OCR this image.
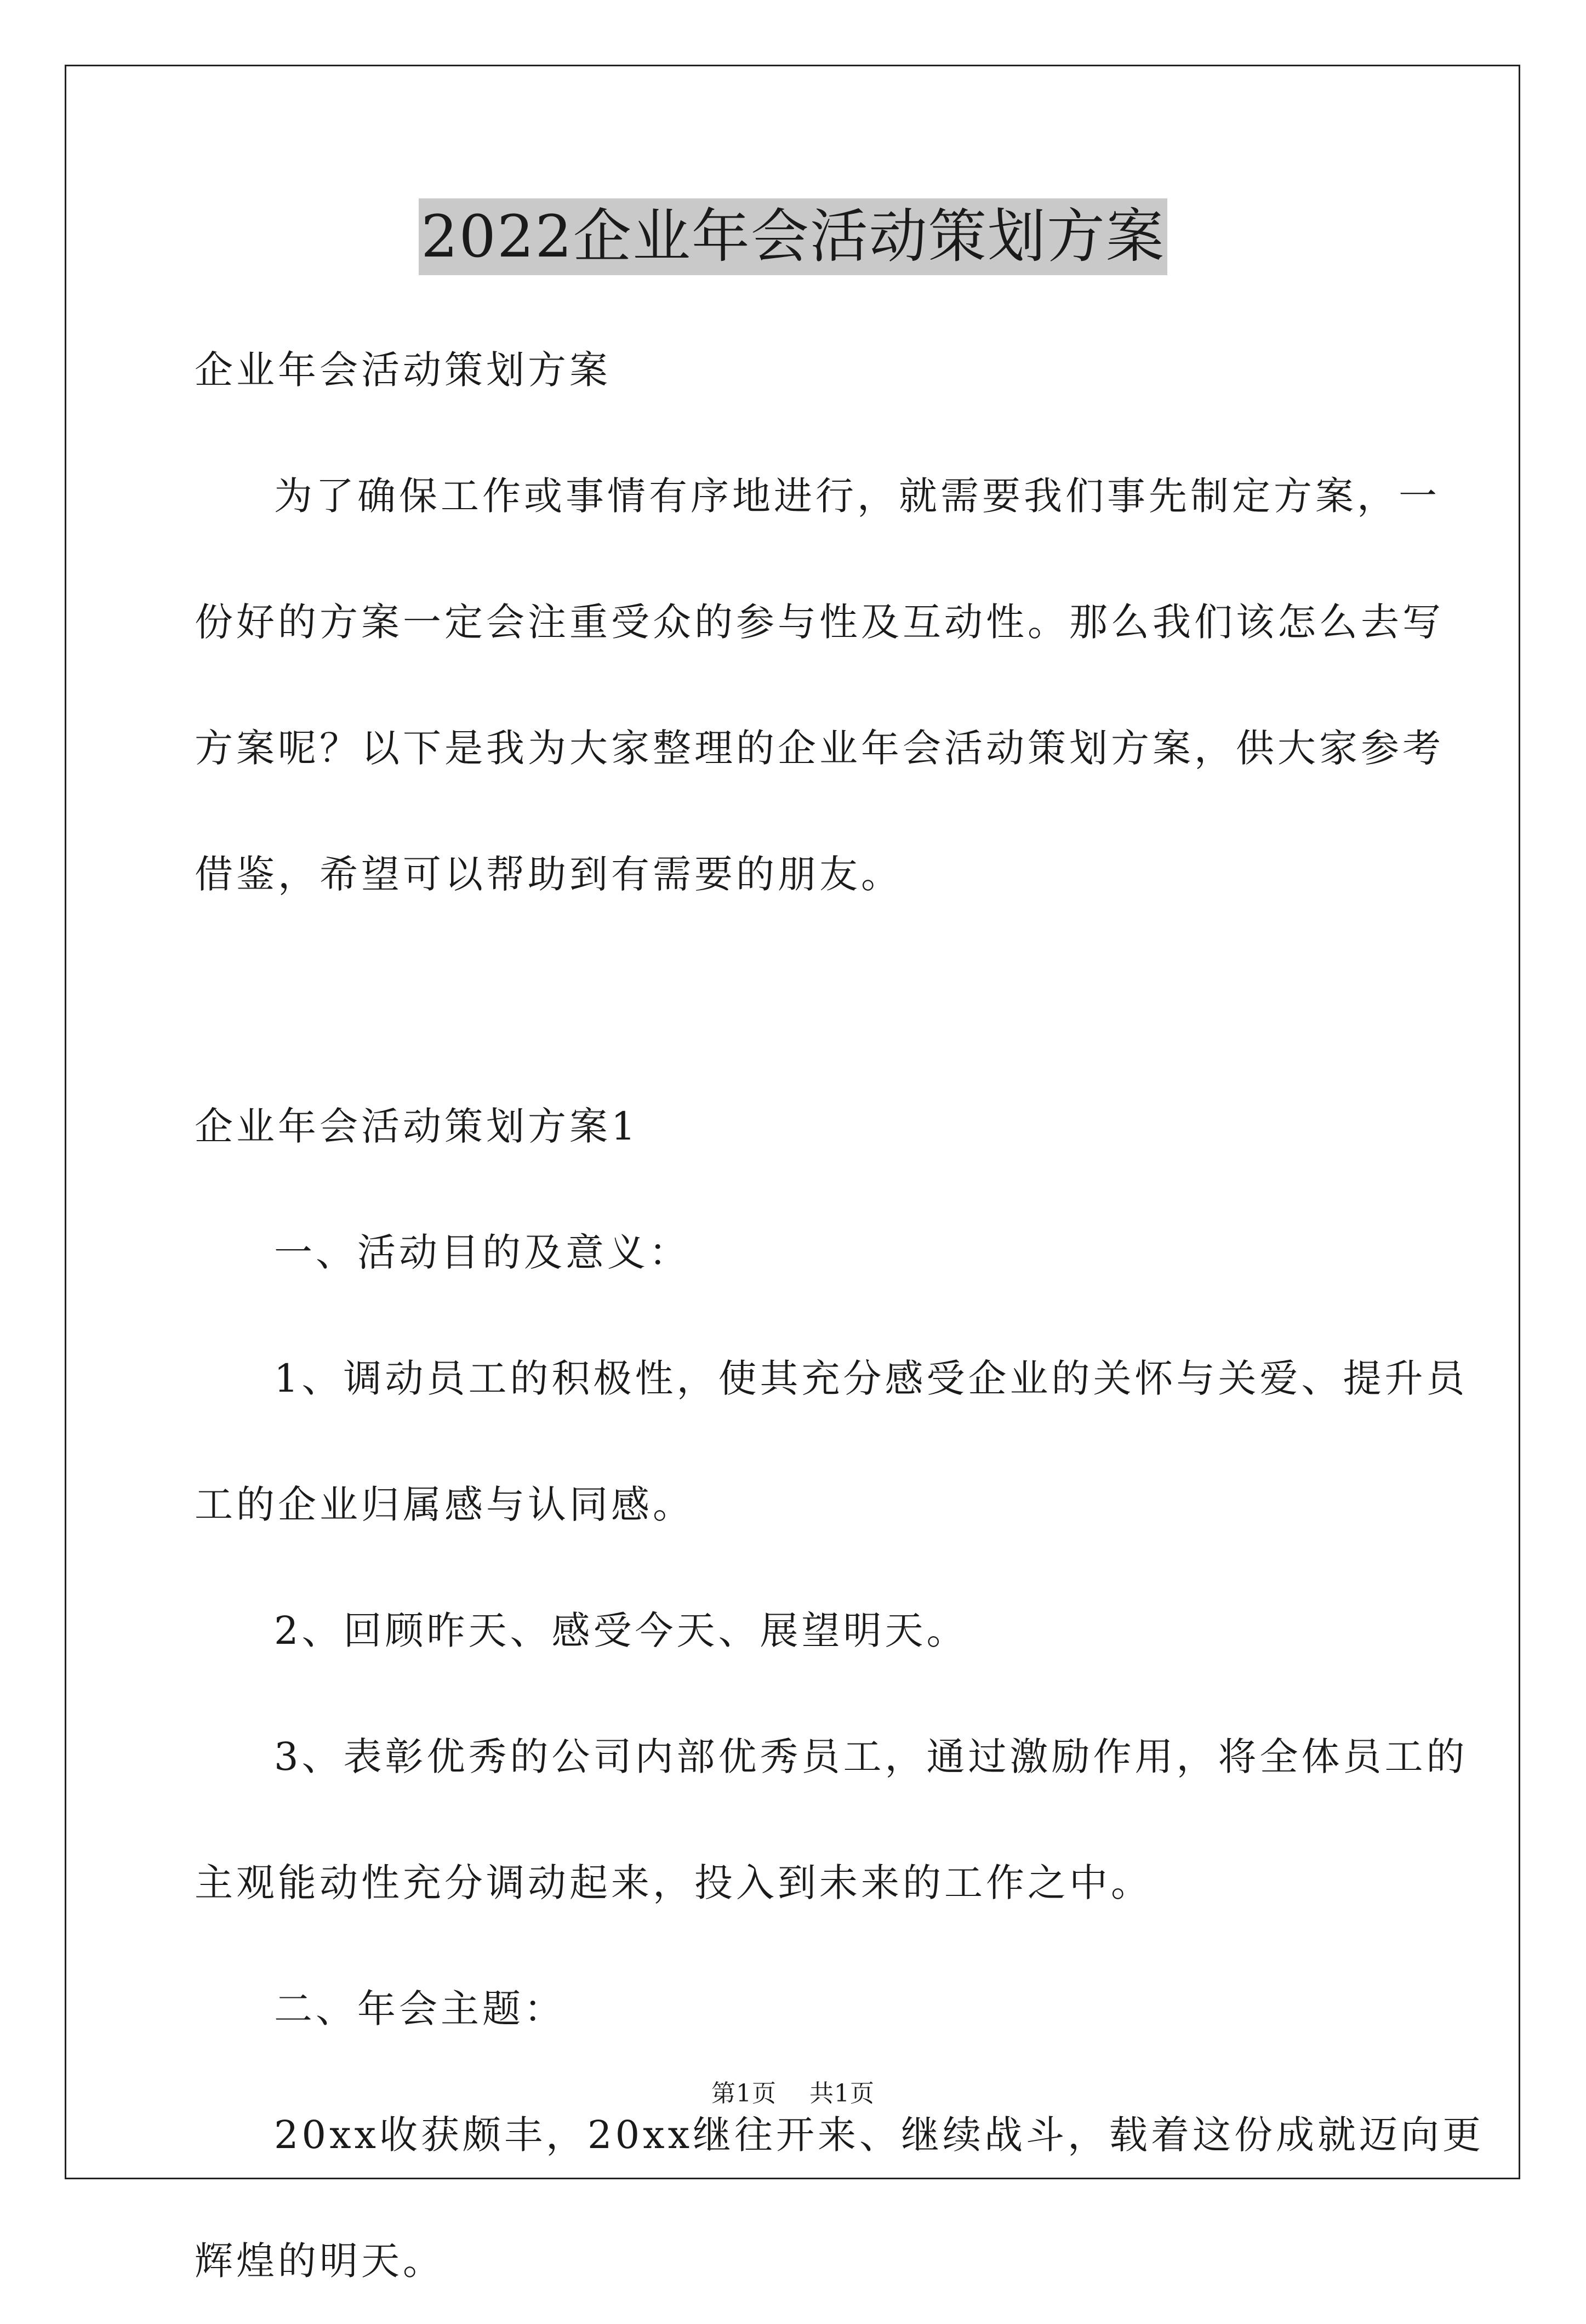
2022企业年会活动策划方案

企业年会活动策划方案

为了确保工作或事情有序地进行，就需要我们事先制定方案，一

份好的方案一定会注重受众的参与性及互动性。那么我们该怎么去写

方案呢？以下是我为大家整理的企业年会活动策划方案，供大家参考

借鉴，希望可以帮助到有需要的朋友。

企业年会活动策划方案1

一、活动目的及意义：

1、调动员工的积极性，使其充分感受企业的关怀与关爱、提升员

工的企业归属感与认同感。

2、回顾昨天、感受今天、展望明天。

3、表彰优秀的公司内部优秀员工，通过激励作用，将全体员工的

主观能动性充分调动起来，投入到未来的工作之中。

二、年会主题：

20xx收获颇丰，20xx继往开来、继续战斗，载着这份成就迈向更

辉煌的明天。

第1页 共1页
